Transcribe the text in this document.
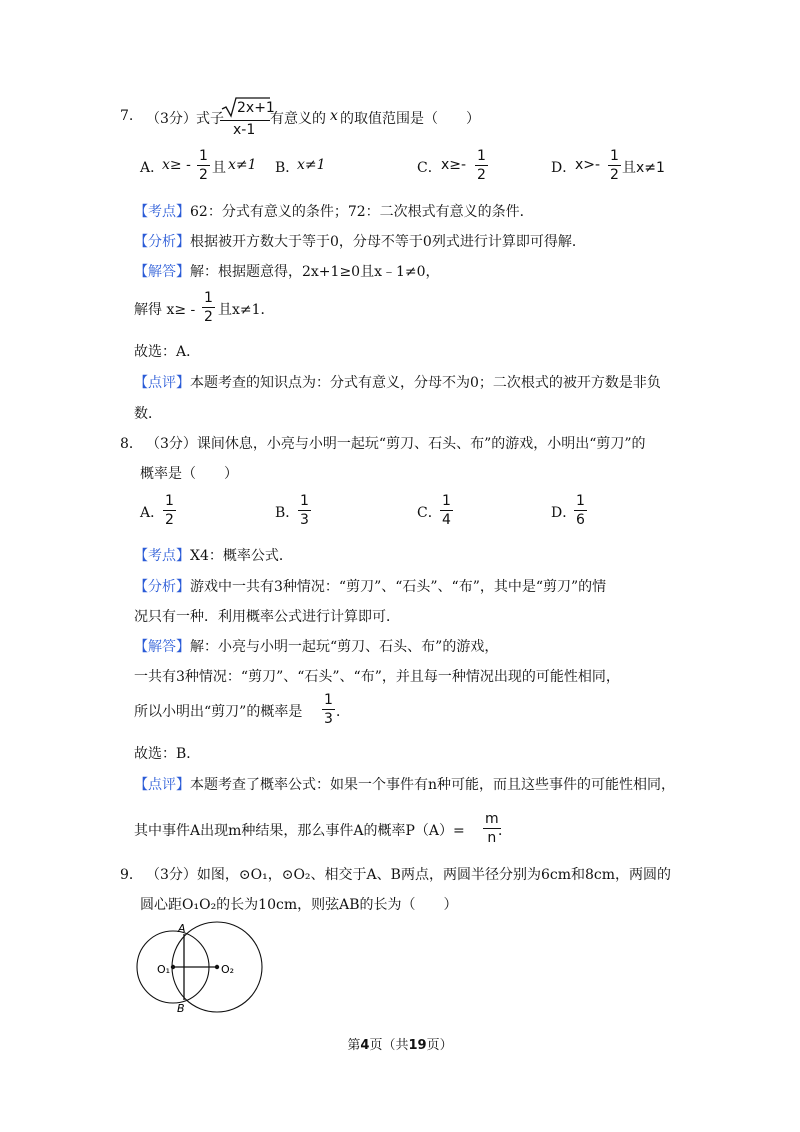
7. （3分） 式子
2x+1
x-1
有意义的 x 的取值范围是（　　）
A．
$x\ge - \frac{1}{2}$ 且 x≠1 B．
x≠1	C． $x\ge- \frac{1}{2}$	D．
$x>- \frac{1}{2}$ 且x≠1
【考点】62：分式有意义的条件；72：二次根式有意义的条件．
【分析】根据被开方数大于等于0，分母不等于0列式进行计算即可得解．
【解答】解：根据题意得，2x+1≥0且x﹣1≠0，
解得 $x\ge - \frac{1}{2}$ 且x≠1．
故选：A．
【点评】本题考查的知识点为：分式有意义，分母不为0；二次根式的被开方数是非负
数．
8． （3分）课间休息，小亮与小明一起玩“剪刀、石头、布”的游戏，小明出“剪刀”的
概率是（　　）
A．
$\frac{1}{2}$	B．
$\frac{1}{3}$	C．
$\frac{1}{4}$	D．
$\frac{1}{6}$
【考点】X4：概率公式．
【分析】游戏中一共有3种情况：“剪刀”、“石头”、“布”，其中是“剪刀”的情
况只有一种．利用概率公式进行计算即可．
【解答】解：小亮与小明一起玩“剪刀、石头、布”的游戏，
一共有3种情况：“剪刀”、“石头”、“布”，并且每一种情况出现的可能性相同，
所以小明出“剪刀”的概率是 $\frac{1}{3}$ ．
故选：B．
【点评】本题考查了概率公式：如果一个事件有n种可能，而且这些事件的可能性相同，
其中事件A出现m种结果，那么事件A的概率$P(A)= \frac{m}{n}$
．
9． （3分）如图，⊙O₁，⊙O₂、相交于A、B两点，两圆半径分别为6cm和8cm，两圆的
圆心距O₁O₂的长为10cm，则弦AB的长为（　　）
A
B
O₁	O₂
第4页（共19页）
